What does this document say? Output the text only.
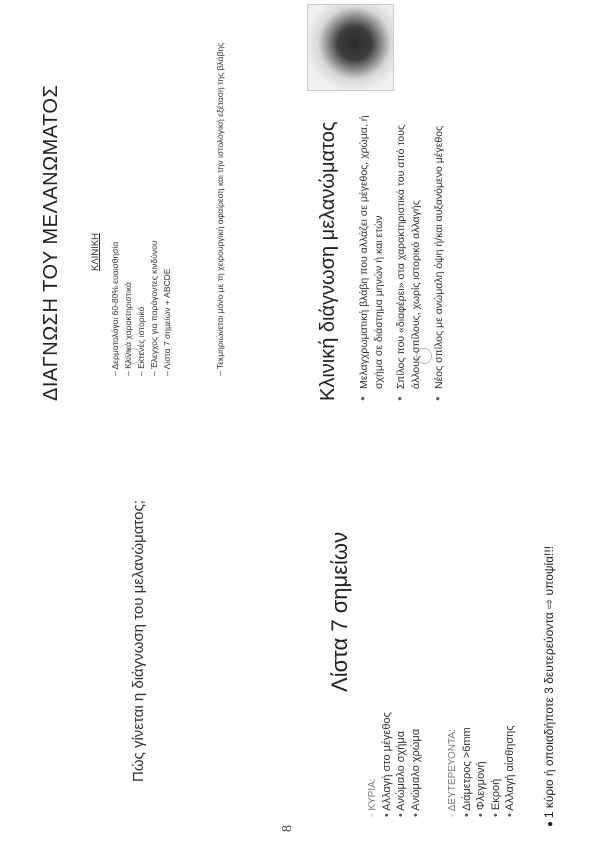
8
Πώς γίνεται η διάγνωση του μελανώματος;
ΔΙΑΓΝΩΣΗ ΤΟΥ ΜΕΛΑΝΩΜΑΤΟΣ	ΚΛΙΝΙΚΗ – Δερματολόγοι 60-80% ευαισθησία – Κλινικά χαρακτηριστικά – Εκτενές ιστορικό – Έλεγχος για παράγοντες κινδύνου – Λίστα 7 σημείων + ABCDE	– Τεκμηριώνεται μόνο με τη χειρουργική αφαίρεση και την ιστολογική εξέταση της βλάβης
Λίστα 7 σημείων
◦ ΚΥΡΙΑ: • Αλλαγή στο μέγεθος • Ανώμαλο σχήμα • Ανώμαλο χρώμα	◦ ΔΕΥΤΕΡΕΥΟΝΤΑ: • Διάμετρος >6mm • Φλεγμονή • Εκροή • Αλλαγή αίσθησης ● 1 κύριο ή οποιαδήποτε 3 δευτερεύοντα ⇨ υποψία!!!
Κλινική διάγνωση μελανώματος ● Μελαγχρωματική βλάβη που αλλάζει σε μέγεθος, χρώμα, ή σχήμα σε διάστημα μηνών ή και ετών ● Σπίλος που «διαφέρει» στα χαρακτηριστικά του από τους άλλους σπίλους, χωρίς ιστορικό αλλαγής ● Νέος σπίλος με ανώμαλη όψη ή/και αυξανόμενο μέγεθος
